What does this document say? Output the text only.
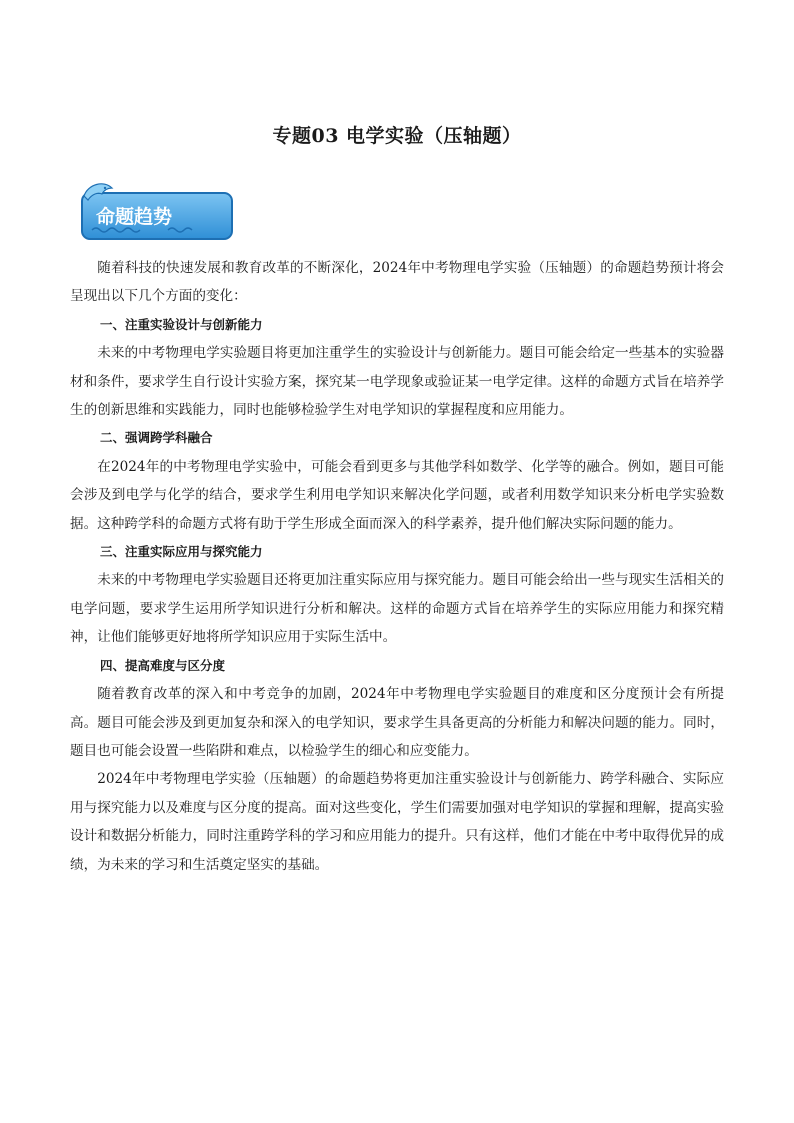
专题03 电学实验（压轴题）
命题趋势

随着科技的快速发展和教育改革的不断深化，2024年中考物理电学实验（压轴题）的命题趋势预计将会呈现出以下几个方面的变化：

一、注重实验设计与创新能力

未来的中考物理电学实验题目将更加注重学生的实验设计与创新能力。题目可能会给定一些基本的实验器材和条件，要求学生自行设计实验方案，探究某一电学现象或验证某一电学定律。这样的命题方式旨在培养学生的创新思维和实践能力，同时也能够检验学生对电学知识的掌握程度和应用能力。

二、强调跨学科融合

在2024年的中考物理电学实验中，可能会看到更多与其他学科如数学、化学等的融合。例如，题目可能会涉及到电学与化学的结合，要求学生利用电学知识来解决化学问题，或者利用数学知识来分析电学实验数据。这种跨学科的命题方式将有助于学生形成全面而深入的科学素养，提升他们解决实际问题的能力。

三、注重实际应用与探究能力

未来的中考物理电学实验题目还将更加注重实际应用与探究能力。题目可能会给出一些与现实生活相关的电学问题，要求学生运用所学知识进行分析和解决。这样的命题方式旨在培养学生的实际应用能力和探究精神，让他们能够更好地将所学知识应用于实际生活中。

四、提高难度与区分度

随着教育改革的深入和中考竞争的加剧，2024年中考物理电学实验题目的难度和区分度预计会有所提高。题目可能会涉及到更加复杂和深入的电学知识，要求学生具备更高的分析能力和解决问题的能力。同时，题目也可能会设置一些陷阱和难点，以检验学生的细心和应变能力。

2024年中考物理电学实验（压轴题）的命题趋势将更加注重实验设计与创新能力、跨学科融合、实际应用与探究能力以及难度与区分度的提高。面对这些变化，学生们需要加强对电学知识的掌握和理解，提高实验设计和数据分析能力，同时注重跨学科的学习和应用能力的提升。只有这样，他们才能在中考中取得优异的成绩，为未来的学习和生活奠定坚实的基础。
